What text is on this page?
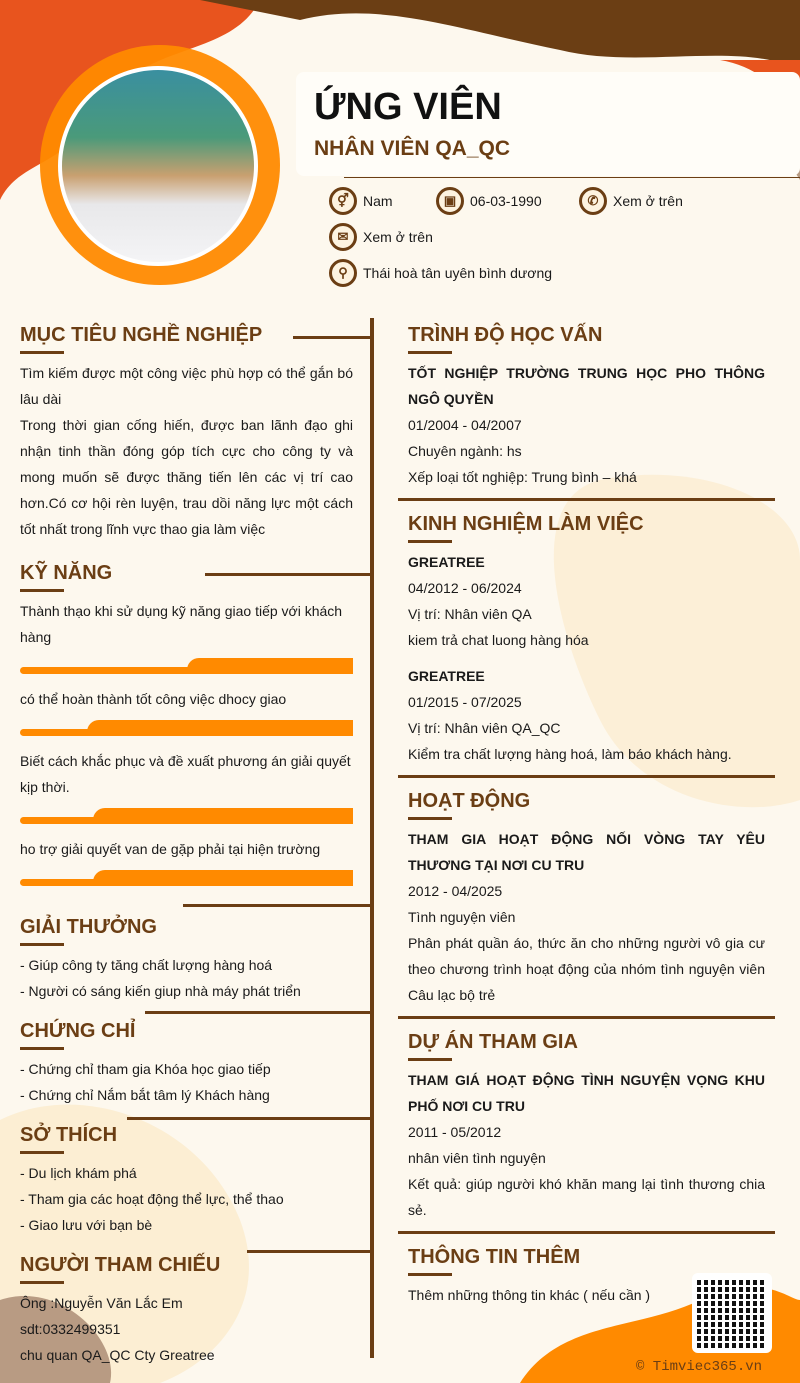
ỨNG VIÊN
NHÂN VIÊN QA_QC
⚥	Nam	▣ 06-03-1990	✆	Xem ở trên
✉	Xem ở trên
⚲	Thái hoà tân uyên bình dương
MỤC TIÊU NGHỀ NGHIỆP
Tìm kiếm được một công việc phù hợp có thể gắn bó lâu dài
Trong thời gian cống hiến, được ban lãnh đạo ghi nhận tinh thần đóng góp tích cực cho công ty và mong muốn sẽ được thăng tiến lên các vị trí cao hơn.Có cơ hội rèn luyện, trau dồi năng lực một cách tốt nhất trong lĩnh vực thao gia làm việc
KỸ NĂNG
Thành thạo khi sử dụng kỹ năng giao tiếp với khách hàng
có thể hoàn thành tốt công việc dhocy giao
Biết cách khắc phục và đề xuất phương án giải quyết kịp thời.
ho trợ giải quyết van de gặp phải tại hiện trường
GIẢI THƯỞNG
- Giúp công ty tăng chất lượng hàng hoá
- Người có sáng kiến giup nhà máy phát triển
CHỨNG CHỈ
- Chứng chỉ tham gia Khóa học giao tiếp
- Chứng chỉ Nắm bắt tâm lý Khách hàng
SỞ THÍCH
- Du lịch khám phá
- Tham gia các hoạt động thể lực, thể thao
- Giao lưu với bạn bè
NGƯỜI THAM CHIẾU
Ông :Nguyễn Văn Lắc Em
sdt:0332499351
chu quan QA_QC Cty Greatree
TRÌNH ĐỘ HỌC VẤN
TỐT NGHIỆP TRƯỜNG TRUNG HỌC PHO THÔNG NGÔ QUYỀN
01/2004 - 04/2007
Chuyên ngành: hs
Xếp loại tốt nghiệp: Trung bình – khá
KINH NGHIỆM LÀM VIỆC
GREATREE
04/2012 - 06/2024
Vị trí: Nhân viên QA
kiem trả chat luong hàng hóa
GREATREE
01/2015 - 07/2025
Vị trí: Nhân viên QA_QC
Kiểm tra chất lượng hàng hoá, làm báo khách hàng.
HOẠT ĐỘNG
THAM GIA HOẠT ĐỘNG NỐI VÒNG TAY YÊU THƯƠNG TẠI NƠI CU TRU
2012 - 04/2025
Tình nguyện viên
Phân phát quần áo, thức ăn cho những người vô gia cư theo chương trình hoạt động của nhóm tình nguyện viên Câu lạc bộ trẻ
DỰ ÁN THAM GIA
THAM GIÁ HOẠT ĐỘNG TÌNH NGUYỆN VỌNG KHU PHỐ NƠI CU TRU
2011 - 05/2012
nhân viên tình nguyện
Kết quả: giúp người khó khăn mang lại tình thương chia sẻ.
THÔNG TIN THÊM
Thêm những thông tin khác ( nếu cần )
© Timviec365.vn
